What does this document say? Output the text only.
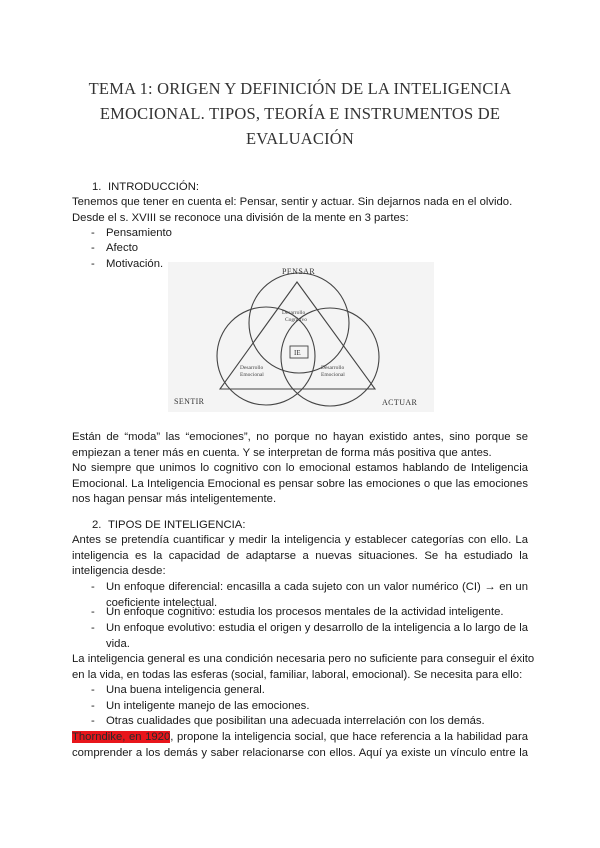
TEMA 1: ORIGEN Y DEFINICIÓN DE LA INTELIGENCIA
EMOCIONAL. TIPOS, TEORÍA E INSTRUMENTOS DE
EVALUACIÓN
1. INTRODUCCIÓN:
Tenemos que tener en cuenta el: Pensar, sentir y actuar. Sin dejarnos nada en el olvido.
Desde el s. XVIII se reconoce una división de la mente en 3 partes:
- Pensamiento
- Afecto
- Motivación.
PENSAR
SENTIR	ACTUAR
Desarrollo
Cognitivo
Desarrollo
Emocional
Desarrollo
Emocional
IE
Están de “moda” las “emociones”, no porque no hayan existido antes, sino porque se
empiezan a tener más en cuenta. Y se interpretan de forma más positiva que antes.
No siempre que unimos lo cognitivo con lo emocional estamos hablando de Inteligencia
Emocional. La Inteligencia Emocional es pensar sobre las emociones o que las emociones
nos hagan pensar más inteligentemente.
2. TIPOS DE INTELIGENCIA:
Antes se pretendía cuantificar y medir la inteligencia y establecer categorías con ello. La
inteligencia es la capacidad de adaptarse a nuevas situaciones. Se ha estudiado la
inteligencia desde:
- Un enfoque diferencial: encasilla a cada sujeto con un valor numérico (CI) → en un
coeficiente intelectual.
- Un enfoque cognitivo: estudia los procesos mentales de la actividad inteligente.
- Un enfoque evolutivo: estudia el origen y desarrollo de la inteligencia a lo largo de la
vida.
La inteligencia general es una condición necesaria pero no suficiente para conseguir el éxito
en la vida, en todas las esferas (social, familiar, laboral, emocional). Se necesita para ello:
- Una buena inteligencia general.
- Un inteligente manejo de las emociones.
- Otras cualidades que posibilitan una adecuada interrelación con los demás.
Thorndike, en 1920, propone la inteligencia social, que hace referencia a la habilidad para
comprender a los demás y saber relacionarse con ellos. Aquí ya existe un vínculo entre la
